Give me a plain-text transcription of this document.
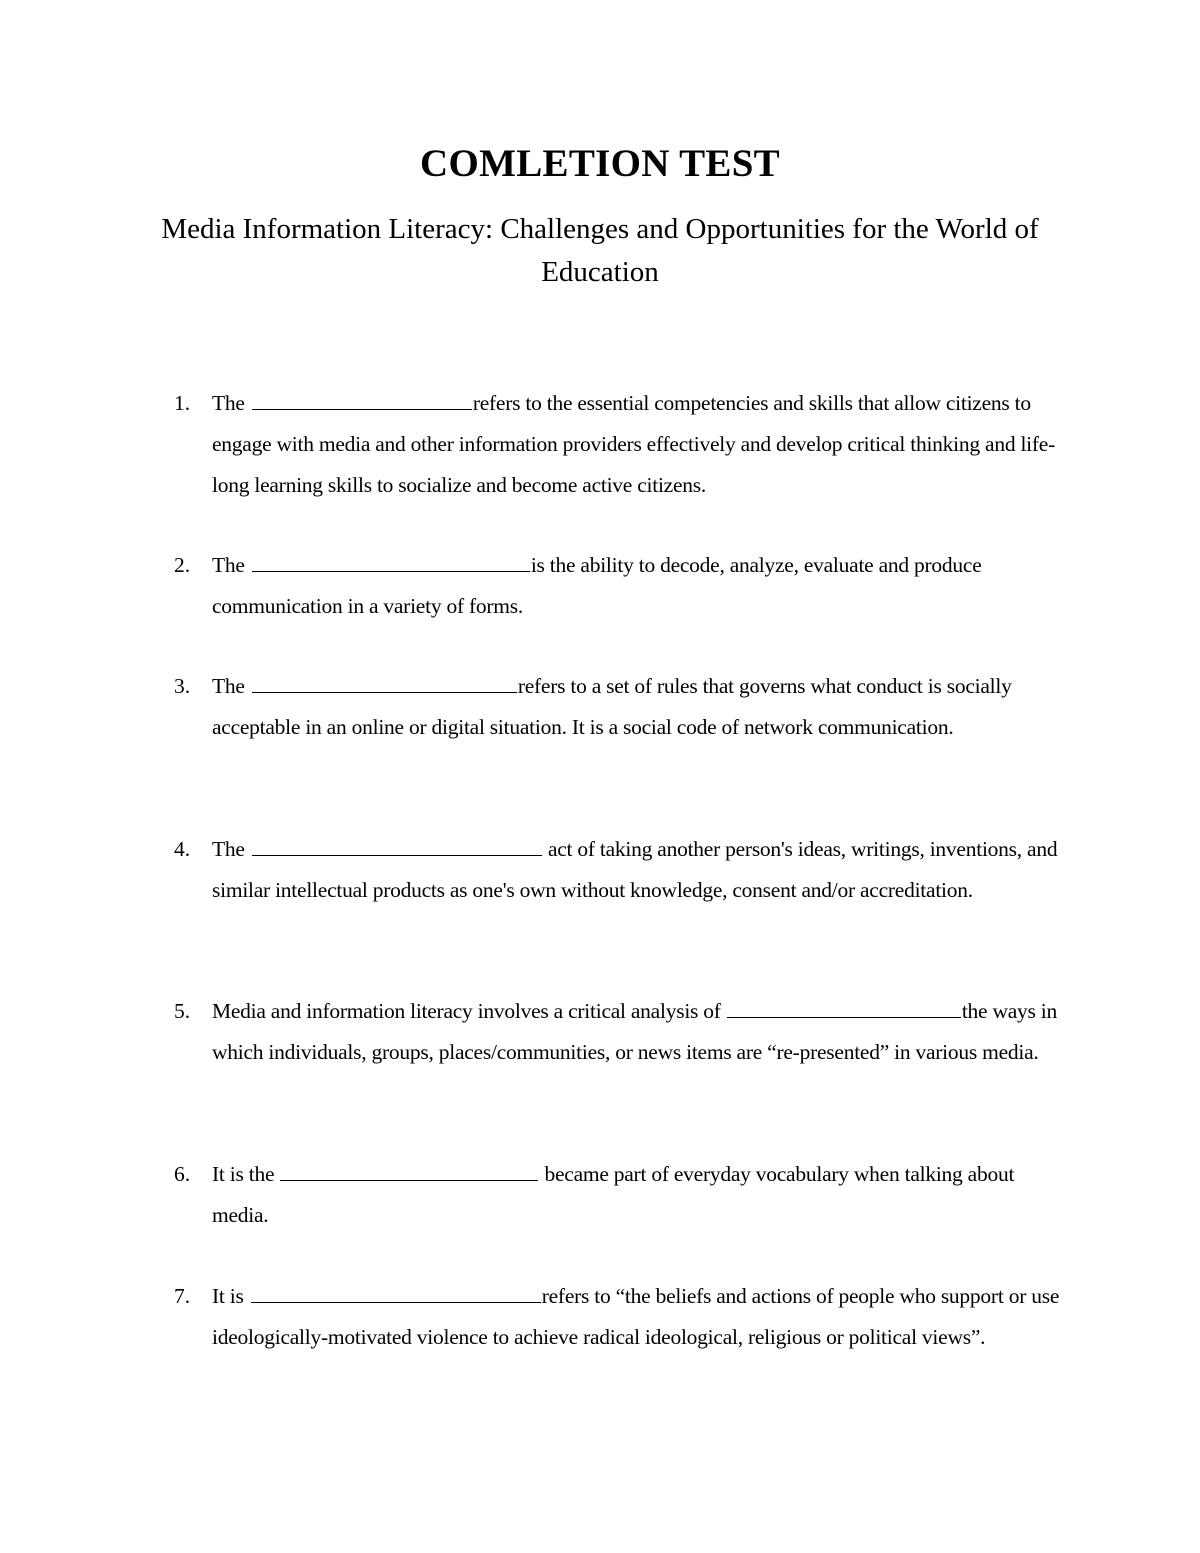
COMLETION TEST
Media Information Literacy: Challenges and Opportunities for the World of Education
1. The	refers to the essential competencies and skills that allow citizens to engage with media and other information providers effectively and develop critical thinking and life-long learning skills to socialize and become active citizens.
2. The	is the ability to decode, analyze, evaluate and produce communication in a variety of forms.
3. The	refers to a set of rules that governs what conduct is socially acceptable in an online or digital situation. It is a social code of network communication.
4. The	act of taking another person's ideas, writings, inventions, and similar intellectual products as one's own without knowledge, consent and/or accreditation.
5. Media and information literacy involves a critical analysis of	the ways in which individuals, groups, places/communities, or news items are “re-presented” in various media.
6. It is the	became part of everyday vocabulary when talking about media.
7. It is	refers to “the beliefs and actions of people who support or use ideologically-motivated violence to achieve radical ideological, religious or political views”.
